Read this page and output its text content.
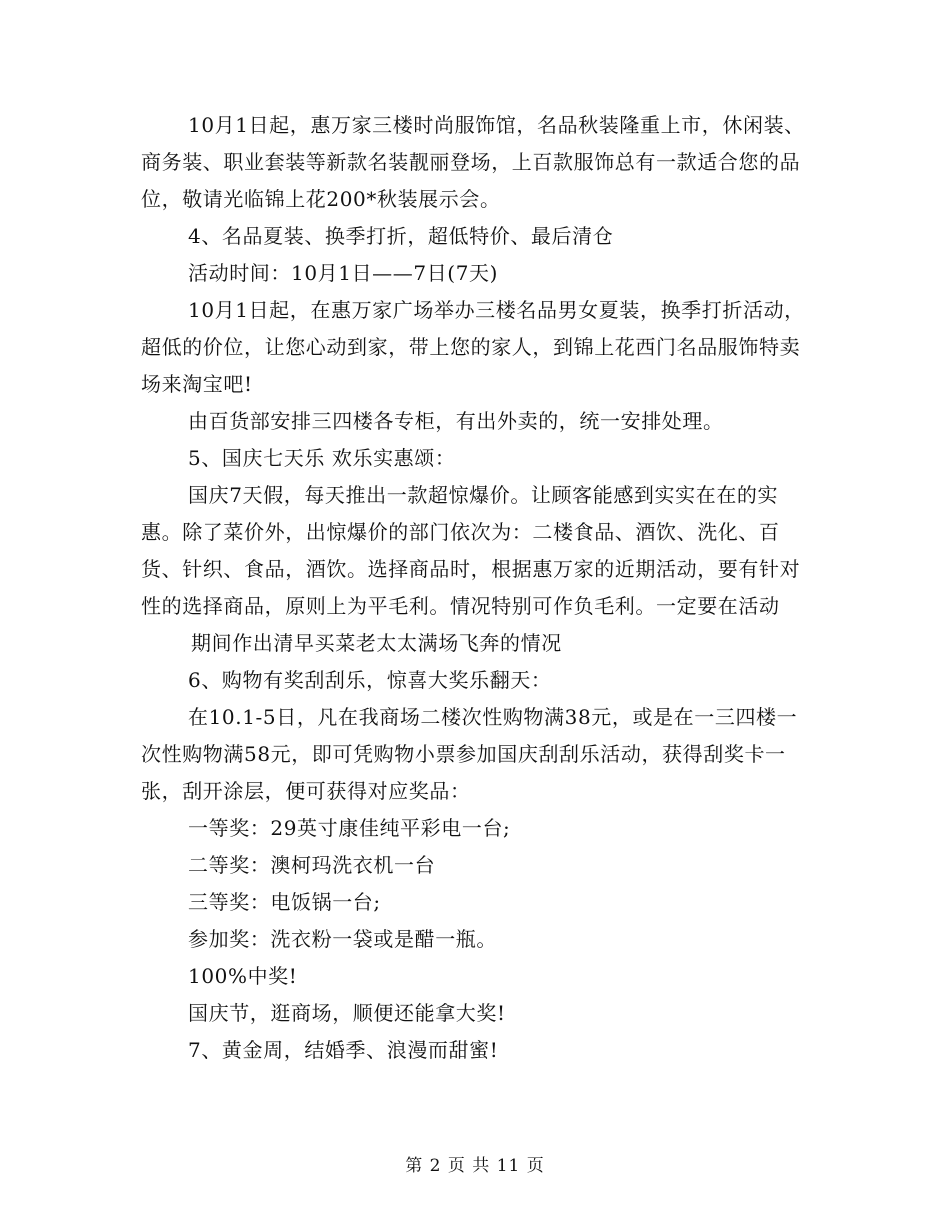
10月1日起，惠万家三楼时尚服饰馆，名品秋装隆重上市，休闲装、商务装、职业套装等新款名装靓丽登场，上百款服饰总有一款适合您的品位，敬请光临锦上花200*秋装展示会。

4、名品夏装、换季打折，超低特价、最后清仓

活动时间：10月1日——7日(7天)

10月1日起，在惠万家广场举办三楼名品男女夏装，换季打折活动，超低的价位，让您心动到家，带上您的家人，到锦上花西门名品服饰特卖场来淘宝吧!

由百货部安排三四楼各专柜，有出外卖的，统一安排处理。

5、国庆七天乐 欢乐实惠颂：

国庆7天假，每天推出一款超惊爆价。让顾客能感到实实在在的实惠。除了菜价外，出惊爆价的部门依次为：二楼食品、酒饮、洗化、百货、针织、食品，酒饮。选择商品时，根据惠万家的近期活动，要有针对性的选择商品，原则上为平毛利。情况特别可作负毛利。一定要在活动期间作出清早买菜老太太满场飞奔的情况

6、购物有奖刮刮乐，惊喜大奖乐翻天：

在10.1-5日，凡在我商场二楼次性购物满38元，或是在一三四楼一次性购物满58元，即可凭购物小票参加国庆刮刮乐活动，获得刮奖卡一张，刮开涂层，便可获得对应奖品：

一等奖：29英寸康佳纯平彩电一台;

二等奖：澳柯玛洗衣机一台

三等奖：电饭锅一台;

参加奖：洗衣粉一袋或是醋一瓶。

100%中奖!

国庆节，逛商场，顺便还能拿大奖!

7、黄金周，结婚季、浪漫而甜蜜!

第 2 页 共 11 页
